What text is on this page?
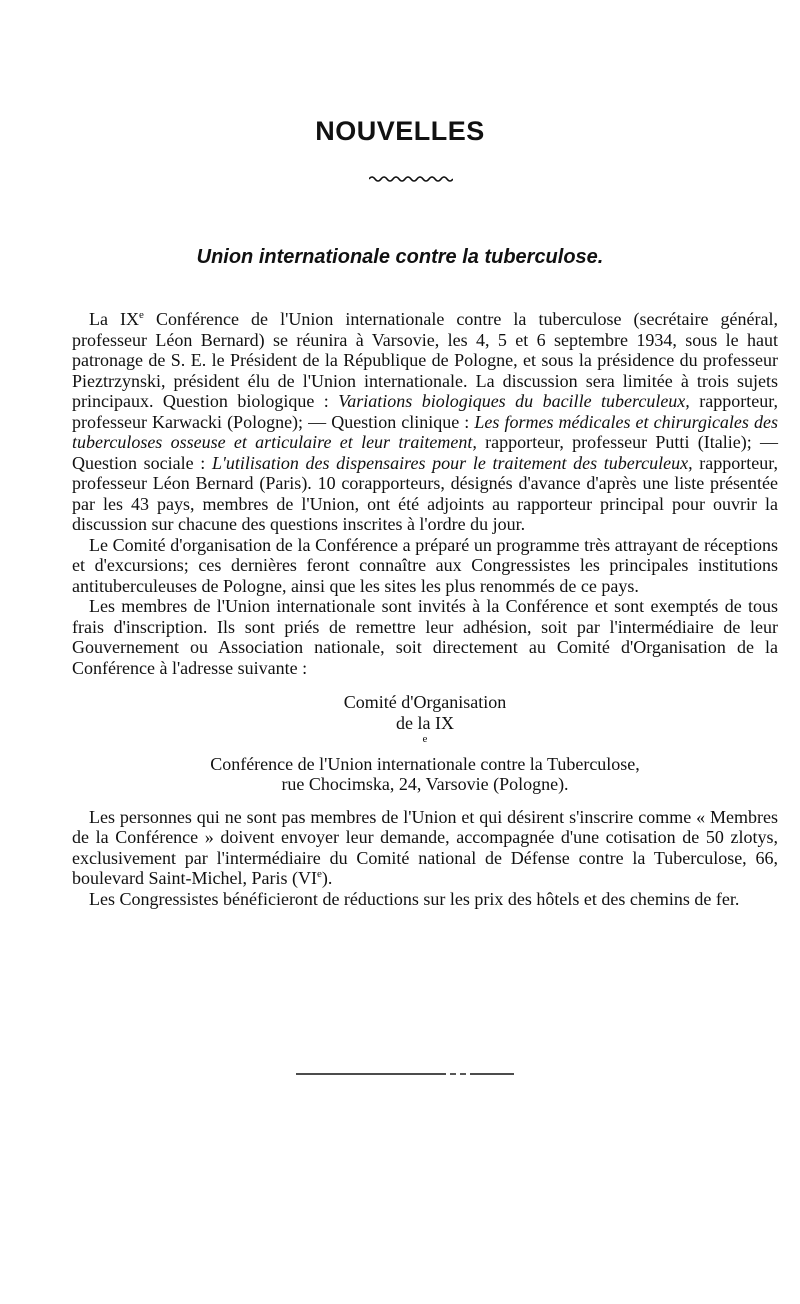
NOUVELLES
Union internationale contre la tuberculose.

La IXe Conférence de l'Union internationale contre la tuberculose (secrétaire général, professeur Léon Bernard) se réunira à Varsovie, les 4, 5 et 6 septembre 1934, sous le haut patronage de S. E. le Président de la République de Pologne, et sous la présidence du professeur Pieztrzynski, président élu de l'Union internationale. La discussion sera limitée à trois sujets principaux. Question biologique : Variations biologiques du bacille tuberculeux, rapporteur, professeur Karwacki (Pologne); — Question clinique : Les formes médicales et chirurgicales des tuberculoses osseuse et articulaire et leur traitement, rapporteur, professeur Putti (Italie); — Question sociale : L'utilisation des dispensaires pour le traitement des tuberculeux, rapporteur, professeur Léon Bernard (Paris). 10 corapporteurs, désignés d'avance d'après une liste présentée par les 43 pays, membres de l'Union, ont été adjoints au rapporteur principal pour ouvrir la discussion sur chacune des questions inscrites à l'ordre du jour.

Le Comité d'organisation de la Conférence a préparé un programme très attrayant de réceptions et d'excursions; ces dernières feront connaître aux Congressistes les principales institutions antituberculeuses de Pologne, ainsi que les sites les plus renommés de ce pays.

Les membres de l'Union internationale sont invités à la Conférence et sont exemptés de tous frais d'inscription. Ils sont priés de remettre leur adhésion, soit par l'intermédiaire de leur Gouvernement ou Association nationale, soit directement au Comité d'Organisation de la Conférence à l'adresse suivante :

Comité d'Organisation
de la IX
$^e$
Conférence de l'Union internationale contre la Tuberculose,
rue Chocimska, 24, Varsovie (Pologne).

Les personnes qui ne sont pas membres de l'Union et qui désirent s'inscrire comme « Membres de la Conférence » doivent envoyer leur demande, accompagnée d'une cotisation de 50 zlotys, exclusivement par l'intermédiaire du Comité national de Défense contre la Tuberculose, 66, boulevard Saint-Michel, Paris (VIe).

Les Congressistes bénéficieront de réductions sur les prix des hôtels et des chemins de fer.
